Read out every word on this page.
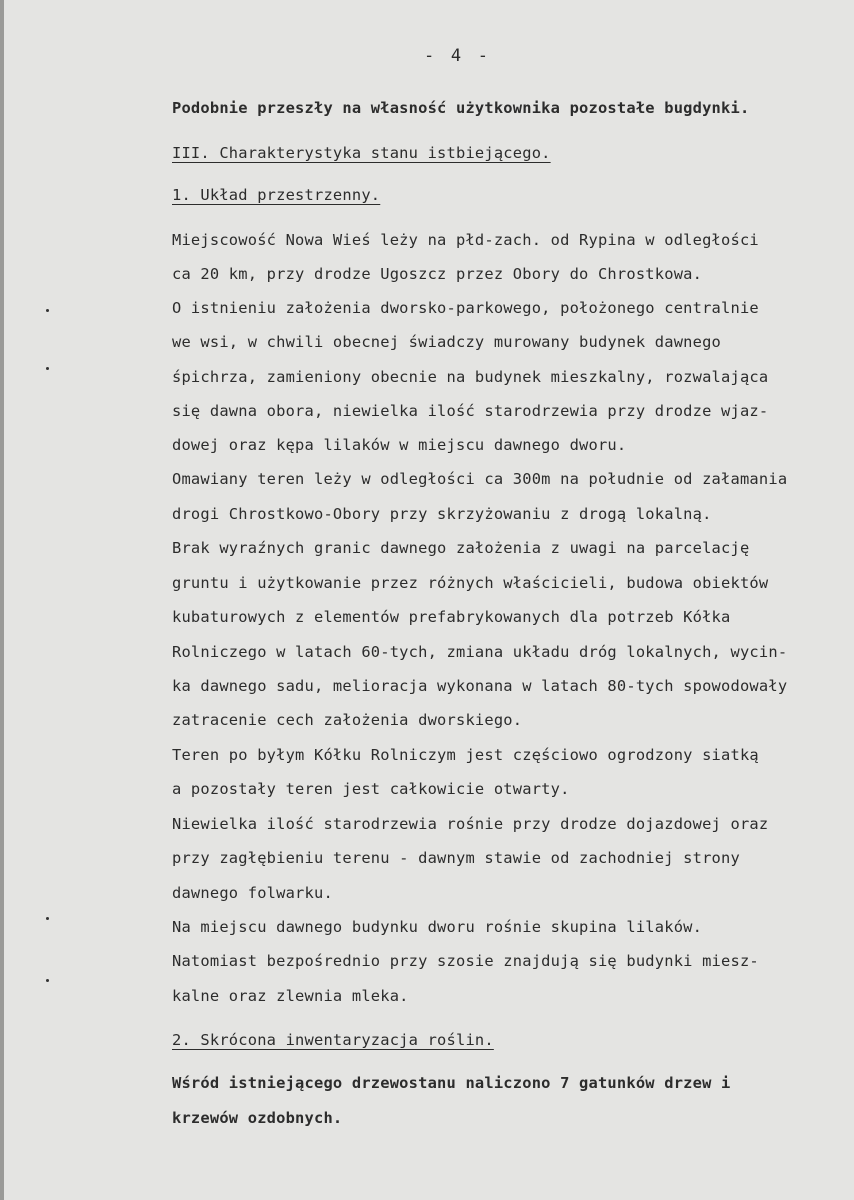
- 4 -
Podobnie przeszły na własność użytkownika pozostałe bugdynki.
III. Charakterystyka stanu istbiejącego.
1. Układ przestrzenny.
Miejscowość Nowa Wieś leży na płd-zach. od Rypina w odległości
ca 20 km, przy drodze Ugoszcz przez Obory do Chrostkowa.
O istnieniu założenia dworsko-parkowego, położonego centralnie
we wsi, w chwili obecnej świadczy murowany budynek dawnego
śpichrza, zamieniony obecnie na budynek mieszkalny, rozwalająca
się dawna obora, niewielka ilość starodrzewia przy drodze wjaz-
dowej oraz kępa lilaków w miejscu dawnego dworu.
Omawiany teren leży w odległości ca 300m na południe od załamania
drogi Chrostkowo-Obory przy skrzyżowaniu z drogą lokalną.
Brak wyraźnych granic dawnego założenia z uwagi na parcelację
gruntu i użytkowanie przez różnych właścicieli, budowa obiektów
kubaturowych z elementów prefabrykowanych dla potrzeb Kółka
Rolniczego w latach 60-tych, zmiana układu dróg lokalnych, wycin-
ka dawnego sadu, melioracja wykonana w latach 80-tych spowodowały
zatracenie cech założenia dworskiego.
Teren po byłym Kółku Rolniczym jest częściowo ogrodzony siatką
a pozostały teren jest całkowicie otwarty.
Niewielka ilość starodrzewia rośnie przy drodze dojazdowej oraz
przy zagłębieniu terenu - dawnym stawie od zachodniej strony
dawnego folwarku.
Na miejscu dawnego budynku dworu rośnie skupina lilaków.
Natomiast bezpośrednio przy szosie znajdują się budynki miesz-
kalne oraz zlewnia mleka.
2. Skrócona inwentaryzacja roślin.
Wśród istniejącego drzewostanu naliczono 7 gatunków drzew i
krzewów ozdobnych.
